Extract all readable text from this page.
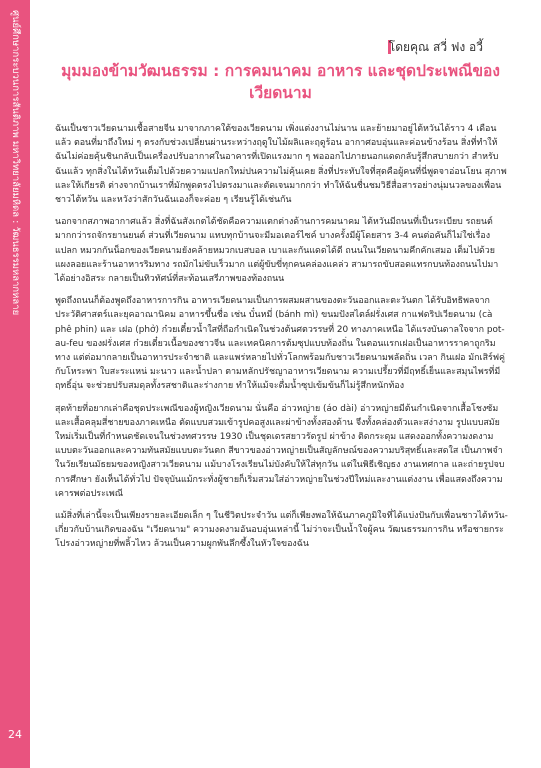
ศูนย์ศึกษากระบวนการสันติภาพ มหาวิทยาลัยมหิดล : วัฒนธรรมหลากหลาย
24
โดยคุณ สวี่ ฟง อวี้
มุมมองข้ามวัฒนธรรม : การคมนาคม อาหาร และชุดประเพณีของเวียดนาม

ฉันเป็นชาวเวียดนามเชื้อสายจีน มาจากภาคใต้ของเวียดนาม เพิ่งแต่งงานไม่นาน และย้ายมาอยู่ไต้หวันได้ราว 4 เดือนแล้ว ตอนที่มาถึงใหม่ ๆ ตรงกับช่วงเปลี่ยนผ่านระหว่างฤดูใบไม้ผลิและฤดูร้อน อากาศอบอุ่นและค่อนข้างร้อน สิ่งที่ทำให้ฉันไม่ค่อยคุ้นชินกลับเป็นเครื่องปรับอากาศในอาคารที่เปิดแรงมาก ๆ พอออกไปภายนอกแดดกลับรู้สึกสบายกว่า สำหรับฉันแล้ว ทุกสิ่งในไต้หวันเต็มไปด้วยความแปลกใหม่ปนความไม่คุ้นเคย สิ่งที่ประทับใจที่สุดคือผู้คนที่นี่พูดจาอ่อนโยน สุภาพและให้เกียรติ ต่างจากบ้านเราที่มักพูดตรงไปตรงมาและตัดเจนมากกว่า ทำให้ฉันชื่นชมวิธีสื่อสารอย่างนุ่มนวลของเพื่อนชาวไต้หวัน และหวังว่าสักวันฉันเองก็จะค่อย ๆ เรียนรู้ได้เช่นกัน

นอกจากสภาพอากาศแล้ว สิ่งที่ฉันสังเกตได้ชัดคือความแตกต่างด้านการคมนาคม ไต้หวันมีถนนที่เป็นระเบียบ รถยนต์มากกว่ารถจักรยานยนต์ ส่วนที่เวียดนาม แทบทุกบ้านจะมีมอเตอร์ไซค์ บางครั้งมีผู้โดยสาร 3-4 คนต่อคันก็ไม่ใช่เรื่องแปลก หมวกกันน็อกของเวียดนามยังคล้ายหมวกเบสบอล เบาและกันแดดได้ดี ถนนในเวียดนามคึกคักเสมอ เต็มไปด้วยแผงลอยและร้านอาหารริมทาง รถมักไม่ขับเร็วมาก แต่ผู้ขับขี่ทุกคนคล่องแคล่ว สามารถขับสอดแทรกบนท้องถนนไปมาได้อย่างอิสระ กลายเป็นทิวทัศน์ที่สะท้อนเสรีภาพของท้องถนน

พูดถึงถนนก็ต้องพูดถึงอาหารการกิน อาหารเวียดนามเป็นการผสมผสานของตะวันออกและตะวันตก ได้รับอิทธิพลจากประวัติศาสตร์และยุคอาณานิคม อาหารขึ้นชื่อ เช่น บั๋นหมี่ (bánh mì) ขนมปังสไตล์ฝรั่งเศส กาแฟดริปเวียดนาม (cà phê phin) และ เฝอ (phở) ก๋วยเตี๋ยวน้ำใสที่ถือกำเนิดในช่วงต้นศตวรรษที่ 20 ทางภาคเหนือ ได้แรงบันดาลใจจาก pot-au-feu ของฝรั่งเศส ก๋วยเตี๋ยวเนื้อของชาวจีน และเทคนิคการต้มซุปแบบท้องถิ่น ในตอนแรกเฝอเป็นอาหารราคาถูกริมทาง แต่ต่อมากลายเป็นอาหารประจำชาติ และแพร่หลายไปทั่วโลกพร้อมกับชาวเวียดนามพลัดถิ่น เวลา กินเฝอ มักเสิร์ฟคู่กับโหระพา ใบสะระแหน่ มะนาว และน้ำปลา ตามหลักปรัชญาอาหารเวียดนาม ความเปรี้ยวที่มีฤทธิ์เย็นและสมุนไพรที่มีฤทธิ์อุ่น จะช่วยปรับสมดุลทั้งรสชาติและร่างกาย ทำให้แม้จะดื่มน้ำซุปเข้มข้นก็ไม่รู้สึกหนักท้อง

สุดท้ายที่อยากเล่าคือชุดประเพณีของผู้หญิงเวียดนาม นั่นคือ อ่าวหญ่าย (áo dài) อ่าวหญ่ายมีต้นกำเนิดจากเสื้อโชงซัมและเสื้อคลุมสี่ชายของภาคเหนือ ตัดแบบสวมเข้ารูปคอสูงและผ่าข้างทั้งสองด้าน จึงทั้งคล่องตัวและสง่างาม รูปแบบสมัยใหม่เริ่มเป็นที่กำหนดชัดเจนในช่วงทศวรรษ 1930 เป็นชุดเดรสยาวรัดรูป ผ่าข้าง ติดกระดุม แสดงออกทั้งความงดงามแบบตะวันออกและความทันสมัยแบบตะวันตก สีขาวของอ่าวหญ่ายเป็นสัญลักษณ์ของความบริสุทธิ์และสดใส เป็นภาพจำในวัยเรียนมัธยมของหญิงสาวเวียดนาม แม้บางโรงเรียนไม่บังคับให้ใส่ทุกวัน แต่ในพิธีเชิญธง งานเทศกาล และถ่ายรูปจบการศึกษา ยังเห็นได้ทั่วไป ปัจจุบันแม้กระทั่งผู้ชายก็เริ่มสวมใส่อ่าวหญ่ายในช่วงปีใหม่และงานแต่งงาน เพื่อแสดงถึงความเคารพต่อประเพณี

แม้สิ่งที่เล่านี้จะเป็นเพียงรายละเอียดเล็ก ๆ ในชีวิตประจำวัน แต่ก็เพียงพอให้ฉันภาคภูมิใจที่ได้แบ่งปันกับเพื่อนชาวไต้หวัน-เกี่ยวกับบ้านเกิดของฉัน "เวียดนาม" ความงดงามอันอบอุ่นเหล่านี้ ไม่ว่าจะเป็นน้ำใจผู้คน วัฒนธรรมการกิน หรือชายกระโปรงอ่าวหญ่ายที่พลิ้วไหว ล้วนเป็นความผูกพันลึกซึ้งในหัวใจของฉัน
